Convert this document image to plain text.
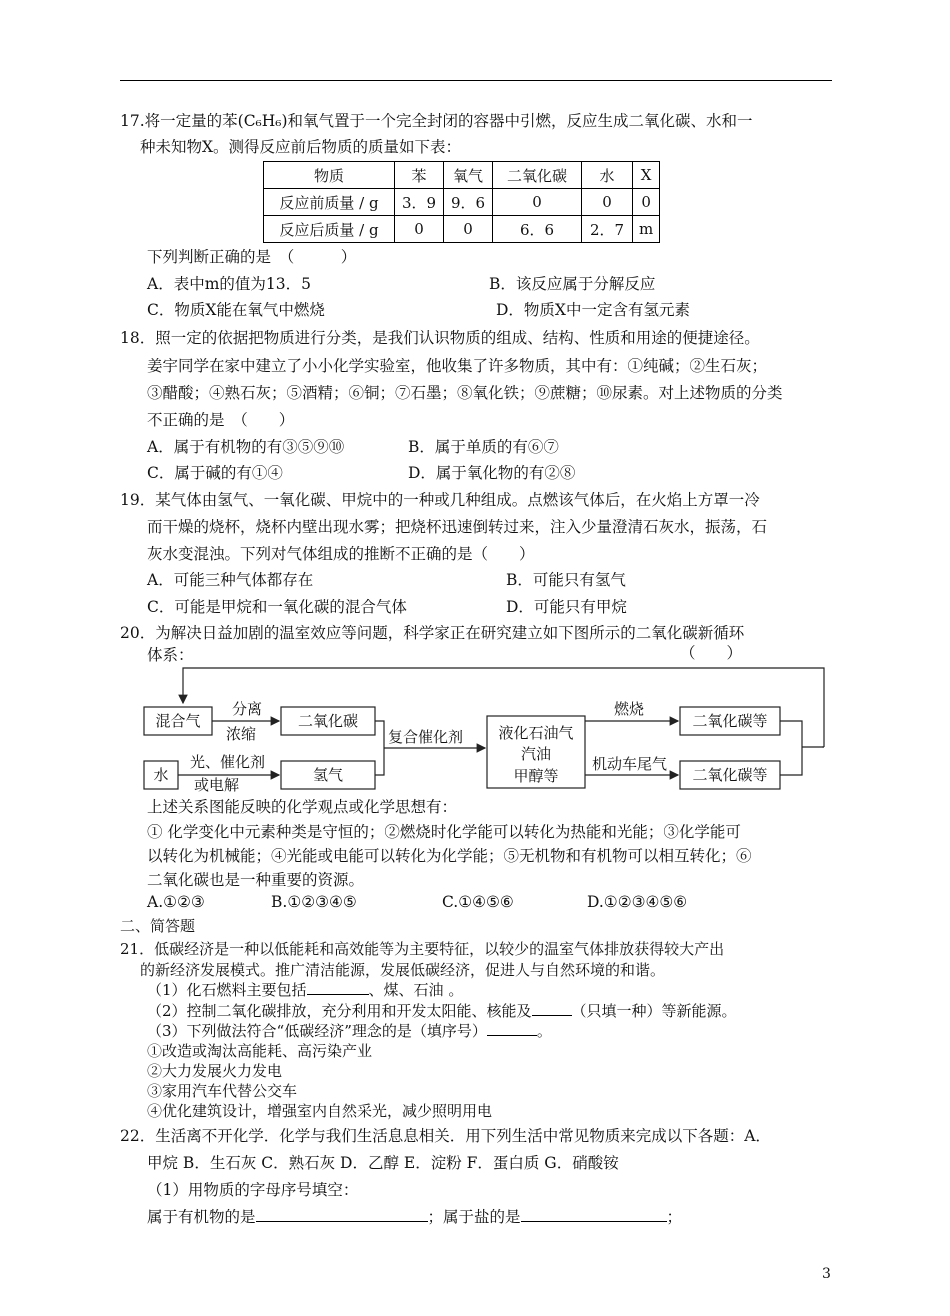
17.将一定量的苯(C₆H₆)和氧气置于一个完全封闭的容器中引燃，反应生成二氧化碳、水和一
种未知物X。测得反应前后物质的质量如下表：
物质	苯	氧气	二氧化碳	水	X
反应前质量 / g	3．9	9．6	0	0	0
反应后质量 / g	0	0	6．6	2．7	m
下列判断正确的是　（　　　）
A．表中m的值为13．5	B．该反应属于分解反应
C．物质X能在氧气中燃烧	D．物质X中一定含有氢元素
18．照一定的依据把物质进行分类，是我们认识物质的组成、结构、性质和用途的便捷途径。
姜宇同学在家中建立了小小化学实验室，他收集了许多物质，其中有：①纯碱；②生石灰；
③醋酸；④熟石灰；⑤酒精；⑥铜；⑦石墨；⑧氧化铁；⑨蔗糖；⑩尿素。对上述物质的分类
不正确的是　（　　）
A．属于有机物的有③⑤⑨⑩	B．属于单质的有⑥⑦
C．属于碱的有①④	D．属于氧化物的有②⑧
19．某气体由氢气、一氧化碳、甲烷中的一种或几种组成。点燃该气体后，在火焰上方罩一冷
而干燥的烧杯，烧杯内壁出现水雾；把烧杯迅速倒转过来，注入少量澄清石灰水，振荡，石
灰水变混浊。下列对气体组成的推断不正确的是（　　）
A．可能三种气体都存在	B．可能只有氢气
C．可能是甲烷和一氧化碳的混合气体	D．可能只有甲烷
20．为解决日益加剧的温室效应等问题，科学家正在研究建立如下图所示的二氧化碳新循环
体系：	（　　）
混合气
分离
浓缩
二氧化碳
水
光、催化剂
或电解
氢气
复合催化剂 液化石油气
汽油
甲醇等
燃烧
机动车尾气
二氧化碳等
二氧化碳等
上述关系图能反映的化学观点或化学思想有：
① 化学变化中元素种类是守恒的；②燃烧时化学能可以转化为热能和光能；③化学能可
以转化为机械能；④光能或电能可以转化为化学能；⑤无机物和有机物可以相互转化；⑥
二氧化碳也是一种重要的资源。
A.①②③	B.①②③④⑤	C.①④⑤⑥	D.①②③④⑤⑥
二、简答题
21．低碳经济是一种以低能耗和高效能等为主要特征，以较少的温室气体排放获得较大产出
的新经济发展模式。推广清洁能源，发展低碳经济，促进人与自然环境的和谐。
（1）化石燃料主要包括	、煤、石油 。
（2）控制二氧化碳排放，充分利用和开发太阳能、核能及	（只填一种）等新能源。
（3）下列做法符合“低碳经济”理念的是（填序号）	。
①改造或淘汰高能耗、高污染产业
②大力发展火力发电
③家用汽车代替公交车
④优化建筑设计，增强室内自然采光，减少照明用电
22．生活离不开化学．化学与我们生活息息相关．用下列生活中常见物质来完成以下各题：A．
甲烷 B．生石灰 C．熟石灰 D．乙醇 E．淀粉 F．蛋白质 G．硝酸铵
（1）用物质的字母序号填空：
属于有机物的是	；属于盐的是	；
3
